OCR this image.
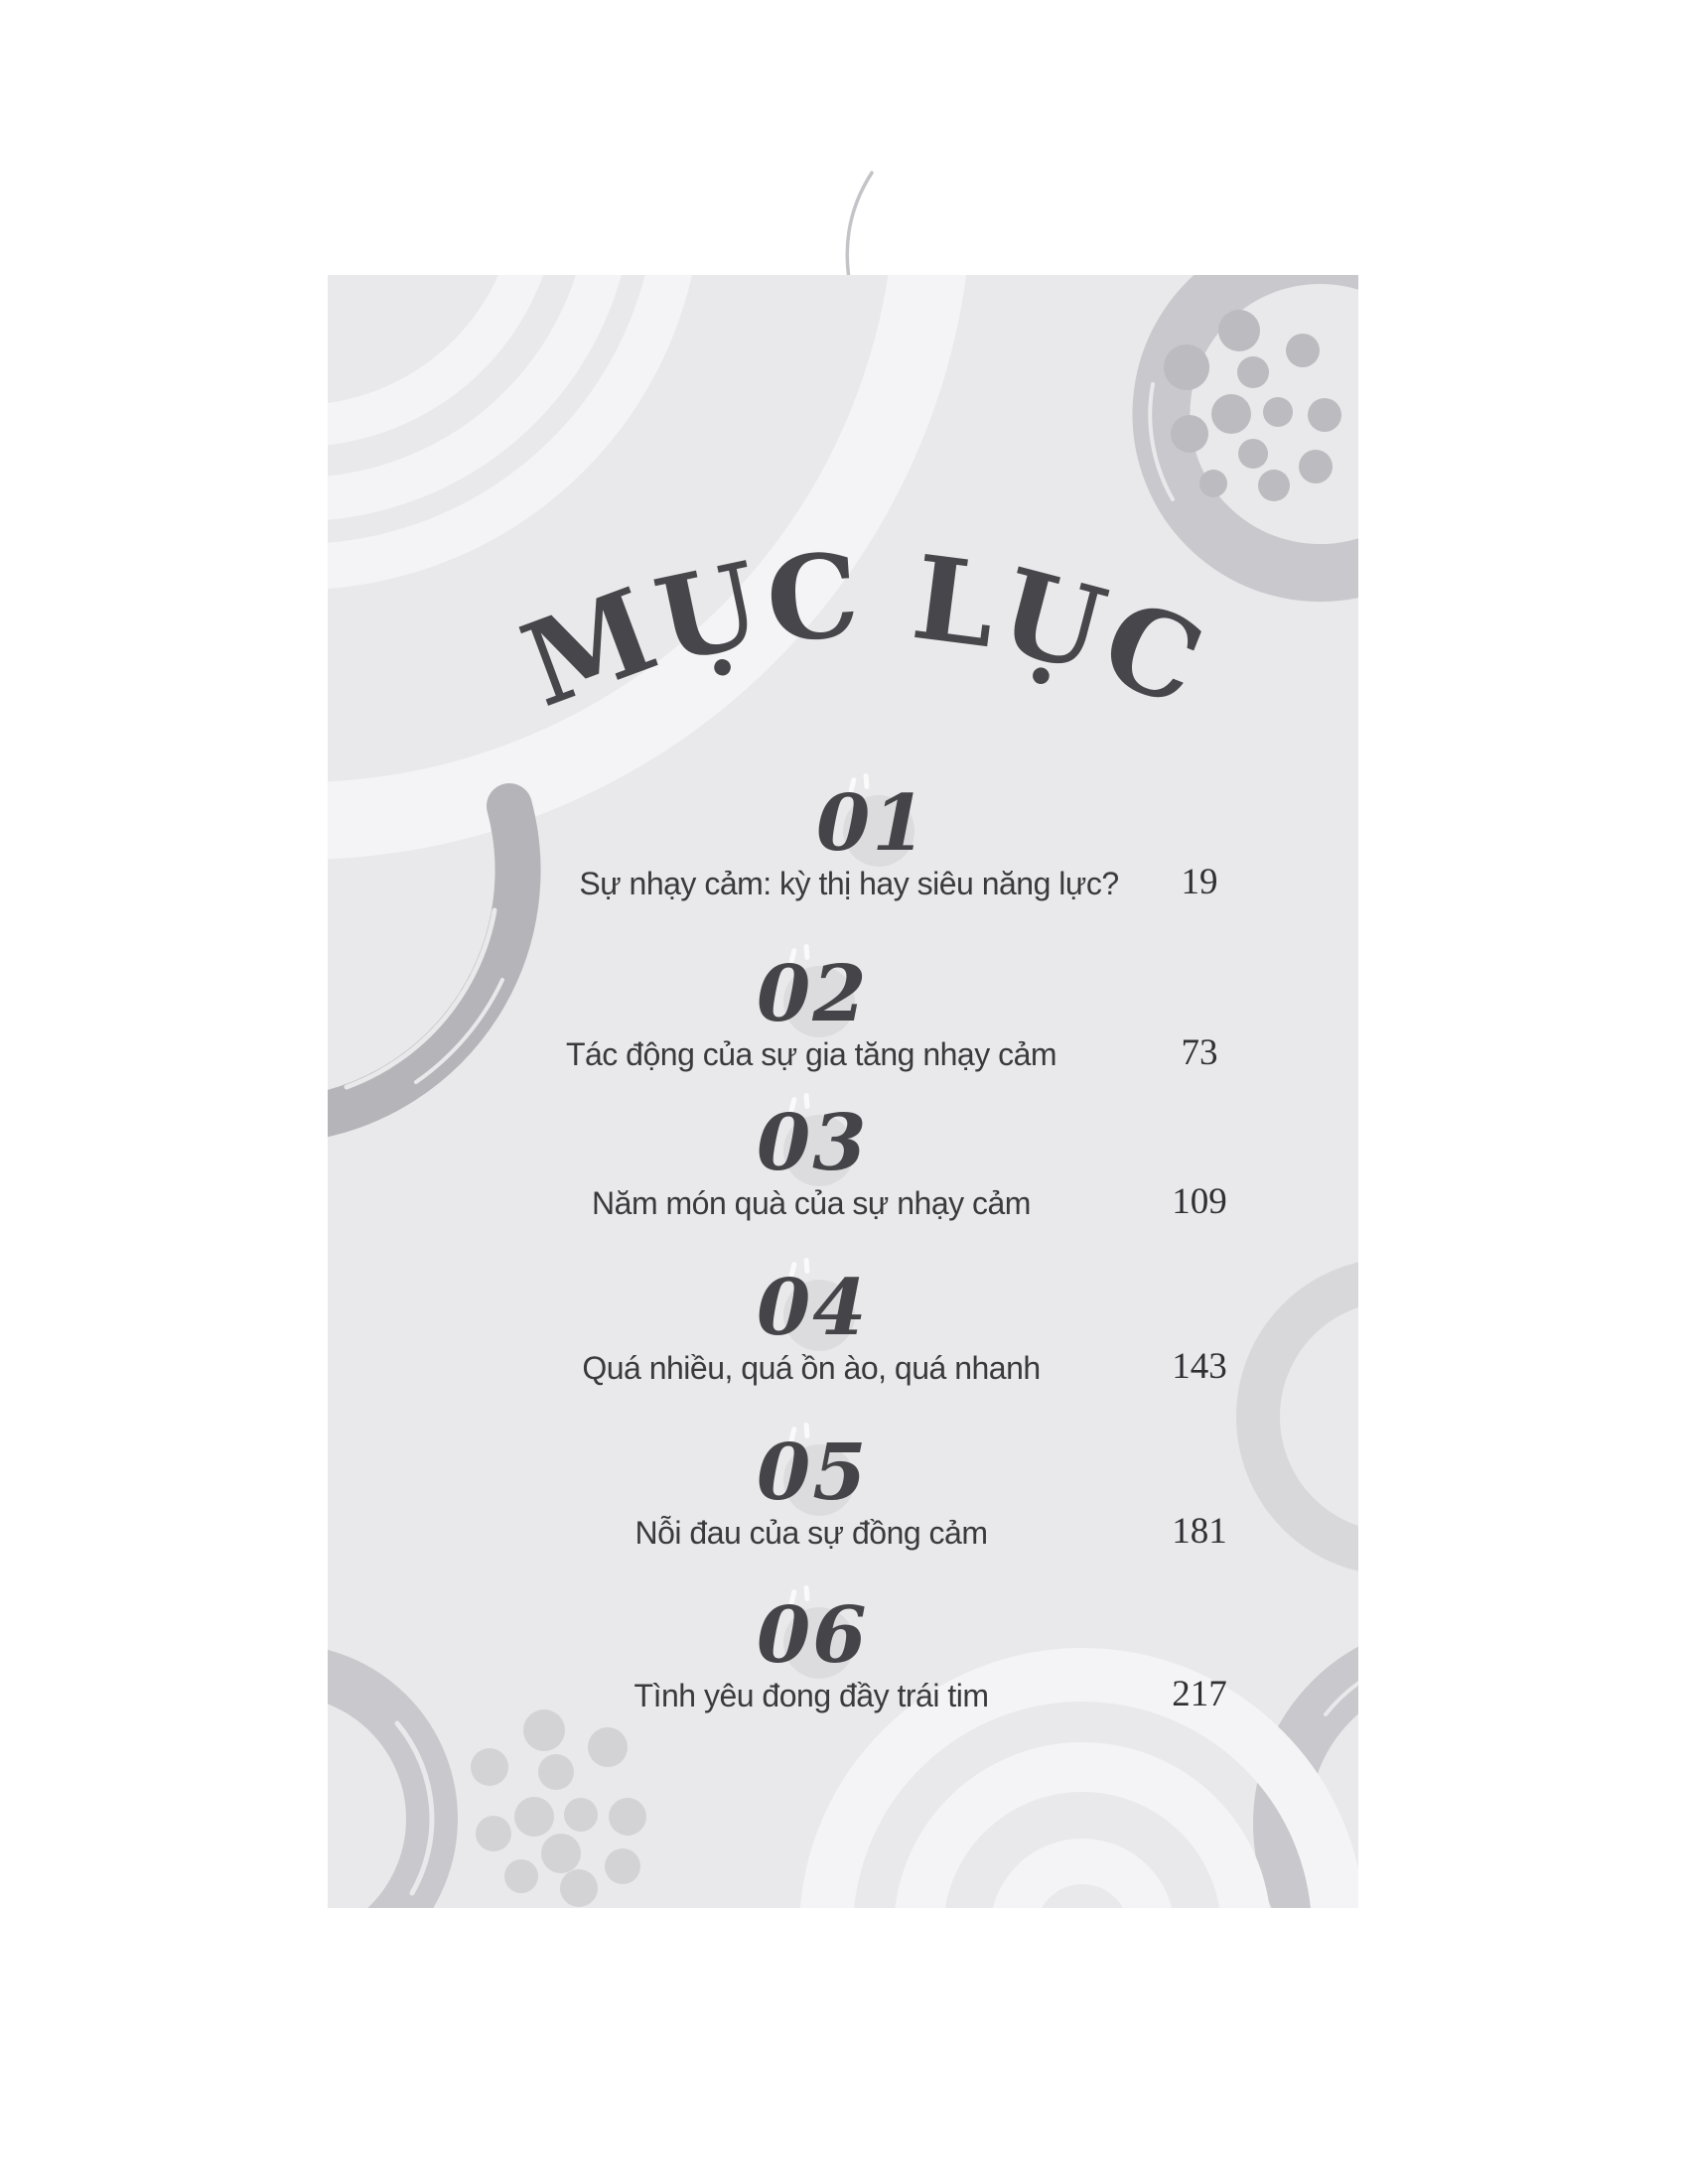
MỤC LỤC
01
Sự nhạy cảm: kỳ thị hay siêu năng lực?	19
02
Tác động của sự gia tăng nhạy cảm	73
03
Năm món quà của sự nhạy cảm	109
04
Quá nhiều, quá ồn ào, quá nhanh	143
05
Nỗi đau của sự đồng cảm	181
06
Tình yêu đong đầy trái tim	217
